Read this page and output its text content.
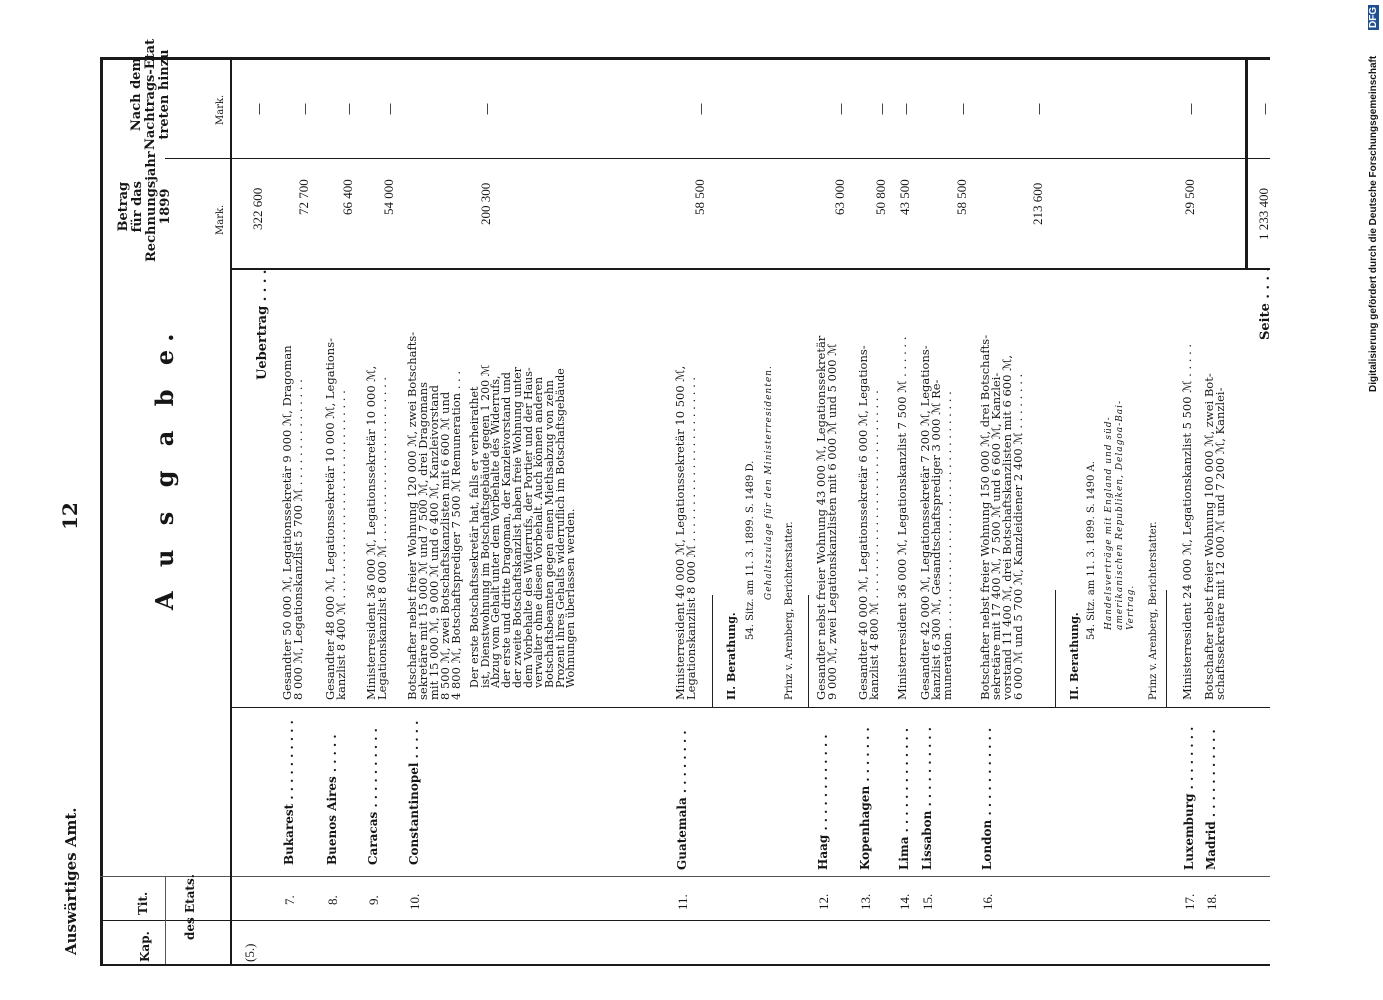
Auswärtiges Amt.
12	A u s g a b e.
Kap.
Tit.	des Etats.
Betrag
für das
Rechnungsjahr
1899	Mark.
Nach dem
Nachtrags-Etat
treten hinzu
Mark.
(5.)
Uebertrag . . . .
322 600
—
7.
Bukarest . . . . . . . . . .
Gesandter 50 000 ℳ, Legationssekretär 9 000 ℳ, Dragoman
8 000 ℳ, Legationskanzlist 5 700 ℳ . . . . . . . . . . . . . . .
72 700
—
8.
Buenos Aires . . . . .
Gesandter 48 000 ℳ, Legationssekretär 10 000 ℳ, Legations-
kanzlist 8 400 ℳ . . . . . . . . . . . . . . . . . . . . . . . . . . . . .
66 400
—
9.
Caracas . . . . . . . . . .
Ministerresident 36 000 ℳ, Legationssekretär 10 000 ℳ,
Legationskanzlist 8 000 ℳ . . . . . . . . . . . . . . . . . . . . . . .
54 000
—
10.
Constantinopel . . . . .
Botschafter nebst freier Wohnung 120 000 ℳ, zwei Botschafts-
sekretäre mit 15 000 ℳ und 7 500 ℳ, drei Dragomans
mit 15 000 ℳ, 9 000 ℳ und 6 400 ℳ, Kanzleivorstand
8 500 ℳ, zwei Botschaftskanzlisten mit 6 600 ℳ und
4 800 ℳ, Botschaftsprediger 7 500 ℳ Remuneration . . .
Der erste Botschaftssekretär hat, falls er verheirathet
ist, Dienstwohnung im Botschaftsgebäude gegen 1 200 ℳ
Abzug vom Gehalt unter dem Vorbehalte des Widerrufs,
der erste und dritte Dragoman, der Kanzleivorstand und
der zweite Botschaftskanzlist haben freie Wohnung unter
dem Vorbehalte des Widerrufs, der Portier und der Haus-
verwalter ohne diesen Vorbehalt. Auch können anderen
Botschaftsbeamten gegen einen Miethsabzug von zehn
Prozent ihres Gehalts widerruflich im Botschaftsgebäude
Wohnungen überlassen werden.
200 300
—
11.
Guatemala . . . . . . . .
Ministerresident 40 000 ℳ, Legationssekretär 10 500 ℳ,
Legationskanzlist 8 000 ℳ . . . . . . . . . . . . . . . . . . . . . . .
58 500
—
II. Berathung.
54. Sitz. am 11. 3. 1899. S. 1489 D. Gehaltszulage für den Ministerresidenten.
Prinz v. Arenberg, Berichterstatter.
12.
Haag . . . . . . . . . . . .
Gesandter nebst freier Wohnung 43 000 ℳ, Legationssekretär
9 000 ℳ, zwei Legationskanzlisten mit 6 000 ℳ und 5 000 ℳ
63 000
—
13.
Kopenhagen . . . . . . .
Gesandter 40 000 ℳ, Legationssekretär 6 000 ℳ, Legations-
kanzlist 4 800 ℳ . . . . . . . . . . . . . . . . . . . . . . . . . . . . .
50 800
—
14.
Lima . . . . . . . . . . . . .
Ministerresident 36 000 ℳ, Legationskanzlist 7 500 ℳ . . . . . .
43 500
—
15.
Lissabon . . . . . . . . . .
Gesandter 42 000 ℳ, Legationssekretär 7 200 ℳ, Legations-
kanzlist 6 300 ℳ, Gesandtschaftsprediger 3 000 ℳ Re-
muneration . . . . . . . . . . . . . . . . . . . . . . . . . . . . . . . . .
58 500
—
16.
London . . . . . . . . . . .
Botschafter nebst freier Wohnung 150 000 ℳ, drei Botschafts-
sekretäre mit 17 400 ℳ, 7 500 ℳ und 6 600 ℳ, Kanzlei-
vorstand 11 400 ℳ, drei Botschaftskanzlisten mit 6 600 ℳ,
6 000 ℳ und 5 700 ℳ, Kanzleidiener 2 400 ℳ . . . . . . . .
213 600
—
II. Berathung.
54. Sitz. am 11. 3. 1899. S. 1490 A. Handelsverträge mit England und süd-
amerikanischen Republiken, Delagoa-Bai-
Vertrag. Prinz v. Arenberg, Berichterstatter.
17.
Luxemburg . . . . . . . .
Ministerresident 24 000 ℳ, Legationskanzlist 5 500 ℳ . . . . .
29 500
—
18.
Madrid . . . . . . . . . . .
Botschafter nebst freier Wohnung 100 000 ℳ, zwei Bot-
schaftssekretäre mit 12 000 ℳ und 7 200 ℳ, Kanzlei-
Seite . . . .
1 233 400
—	Digitalisierung gefördert durch die Deutsche Forschungsgemeinschaft
DFG
